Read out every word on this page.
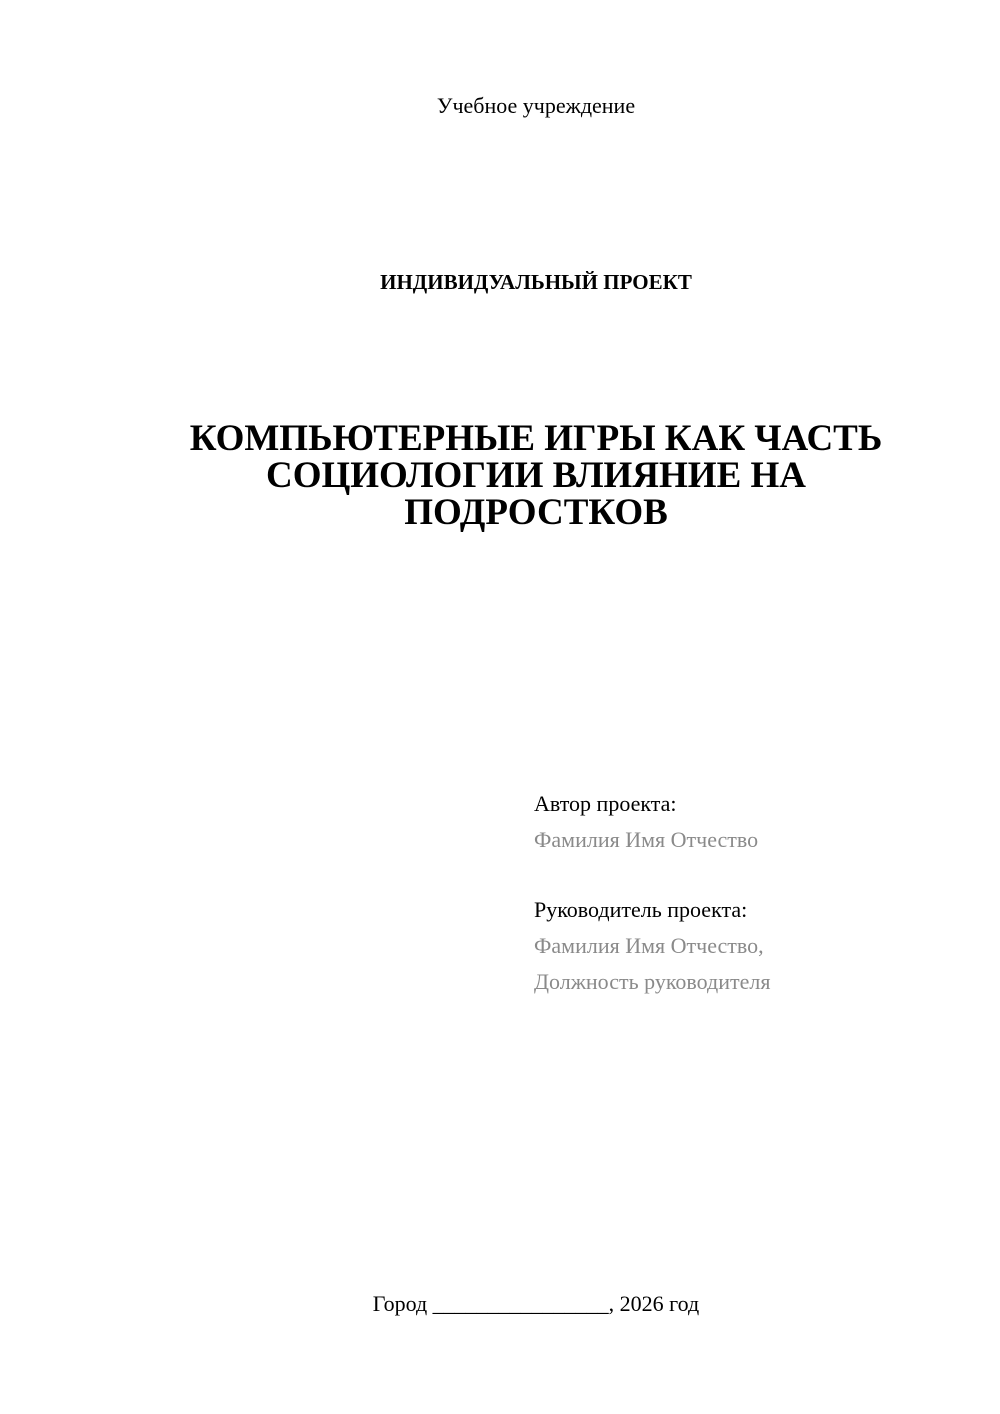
Учебное учреждение
ИНДИВИДУАЛЬНЫЙ ПРОЕКТ
КОМПЬЮТЕРНЫЕ ИГРЫ КАК ЧАСТЬ
СОЦИОЛОГИИ ВЛИЯНИЕ НА
ПОДРОСТКОВ
Автор проекта:
Фамилия Имя Отчество
Руководитель проекта:
Фамилия Имя Отчество,
Должность руководителя
Город ________________, 2026 год
